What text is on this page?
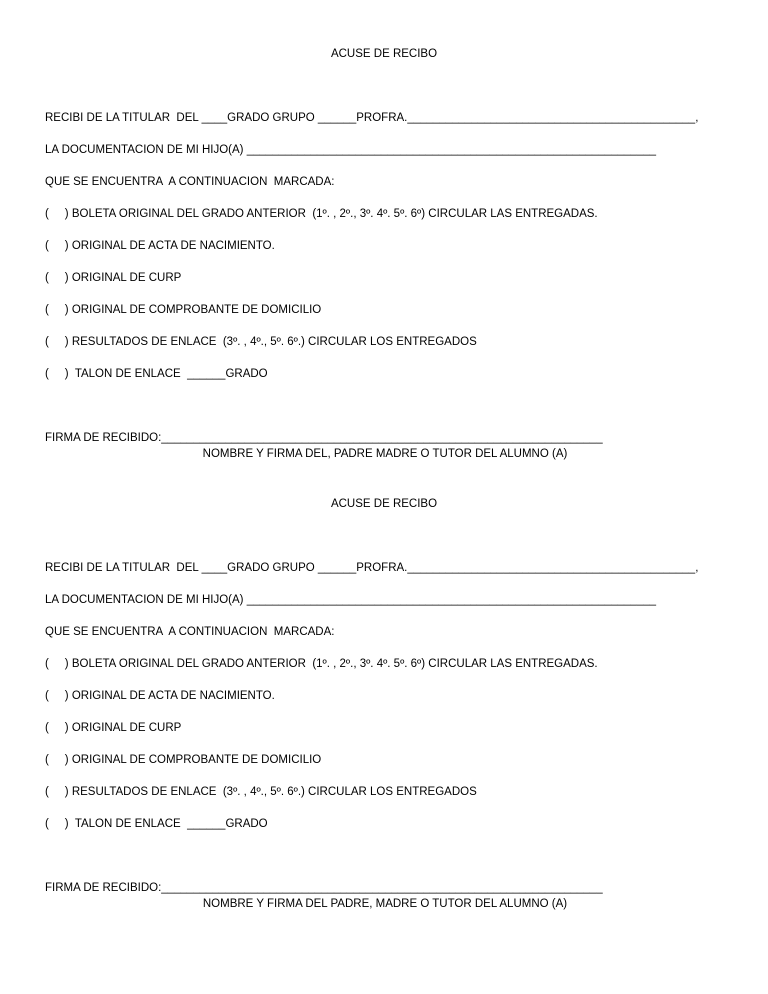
ACUSE DE RECIBO
RECIBI DE LA TITULAR  DEL ____GRADO GRUPO ______PROFRA._____________________________________________,
LA DOCUMENTACION DE MI HIJO(A) ________________________________________________________________
QUE SE ENCUENTRA  A CONTINUACION  MARCADA:
(     ) BOLETA ORIGINAL DEL GRADO ANTERIOR  (1º. , 2º., 3º. 4º. 5º. 6º) CIRCULAR LAS ENTREGADAS.
(     ) ORIGINAL DE ACTA DE NACIMIENTO.
(     ) ORIGINAL DE CURP
(     ) ORIGINAL DE COMPROBANTE DE DOMICILIO
(     ) RESULTADOS DE ENLACE  (3º. , 4º., 5º. 6º.) CIRCULAR LOS ENTREGADOS
(     )  TALON DE ENLACE  ______GRADO
FIRMA DE RECIBIDO:_____________________________________________________________________
NOMBRE Y FIRMA DEL, PADRE MADRE O TUTOR DEL ALUMNO (A)
ACUSE DE RECIBO
RECIBI DE LA TITULAR  DEL ____GRADO GRUPO ______PROFRA._____________________________________________,
LA DOCUMENTACION DE MI HIJO(A) ________________________________________________________________
QUE SE ENCUENTRA  A CONTINUACION  MARCADA:
(     ) BOLETA ORIGINAL DEL GRADO ANTERIOR  (1º. , 2º., 3º. 4º. 5º. 6º) CIRCULAR LAS ENTREGADAS.
(     ) ORIGINAL DE ACTA DE NACIMIENTO.
(     ) ORIGINAL DE CURP
(     ) ORIGINAL DE COMPROBANTE DE DOMICILIO
(     ) RESULTADOS DE ENLACE  (3º. , 4º., 5º. 6º.) CIRCULAR LOS ENTREGADOS
(     )  TALON DE ENLACE  ______GRADO
FIRMA DE RECIBIDO:_____________________________________________________________________
NOMBRE Y FIRMA DEL PADRE, MADRE O TUTOR DEL ALUMNO (A)
